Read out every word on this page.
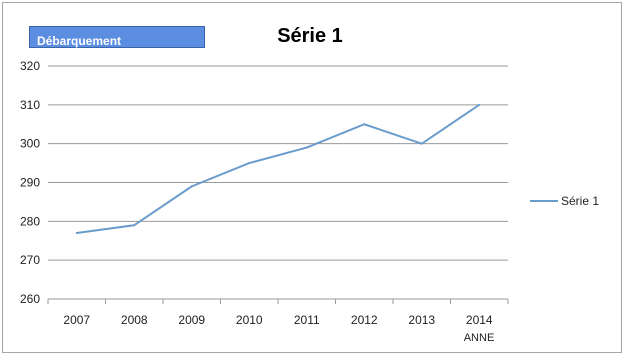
Débarquement	Série 1
260
270
280
290
300
310
320
2007	2008	2009	2010	2011	2012	2013	2014
ANNE
Série 1
